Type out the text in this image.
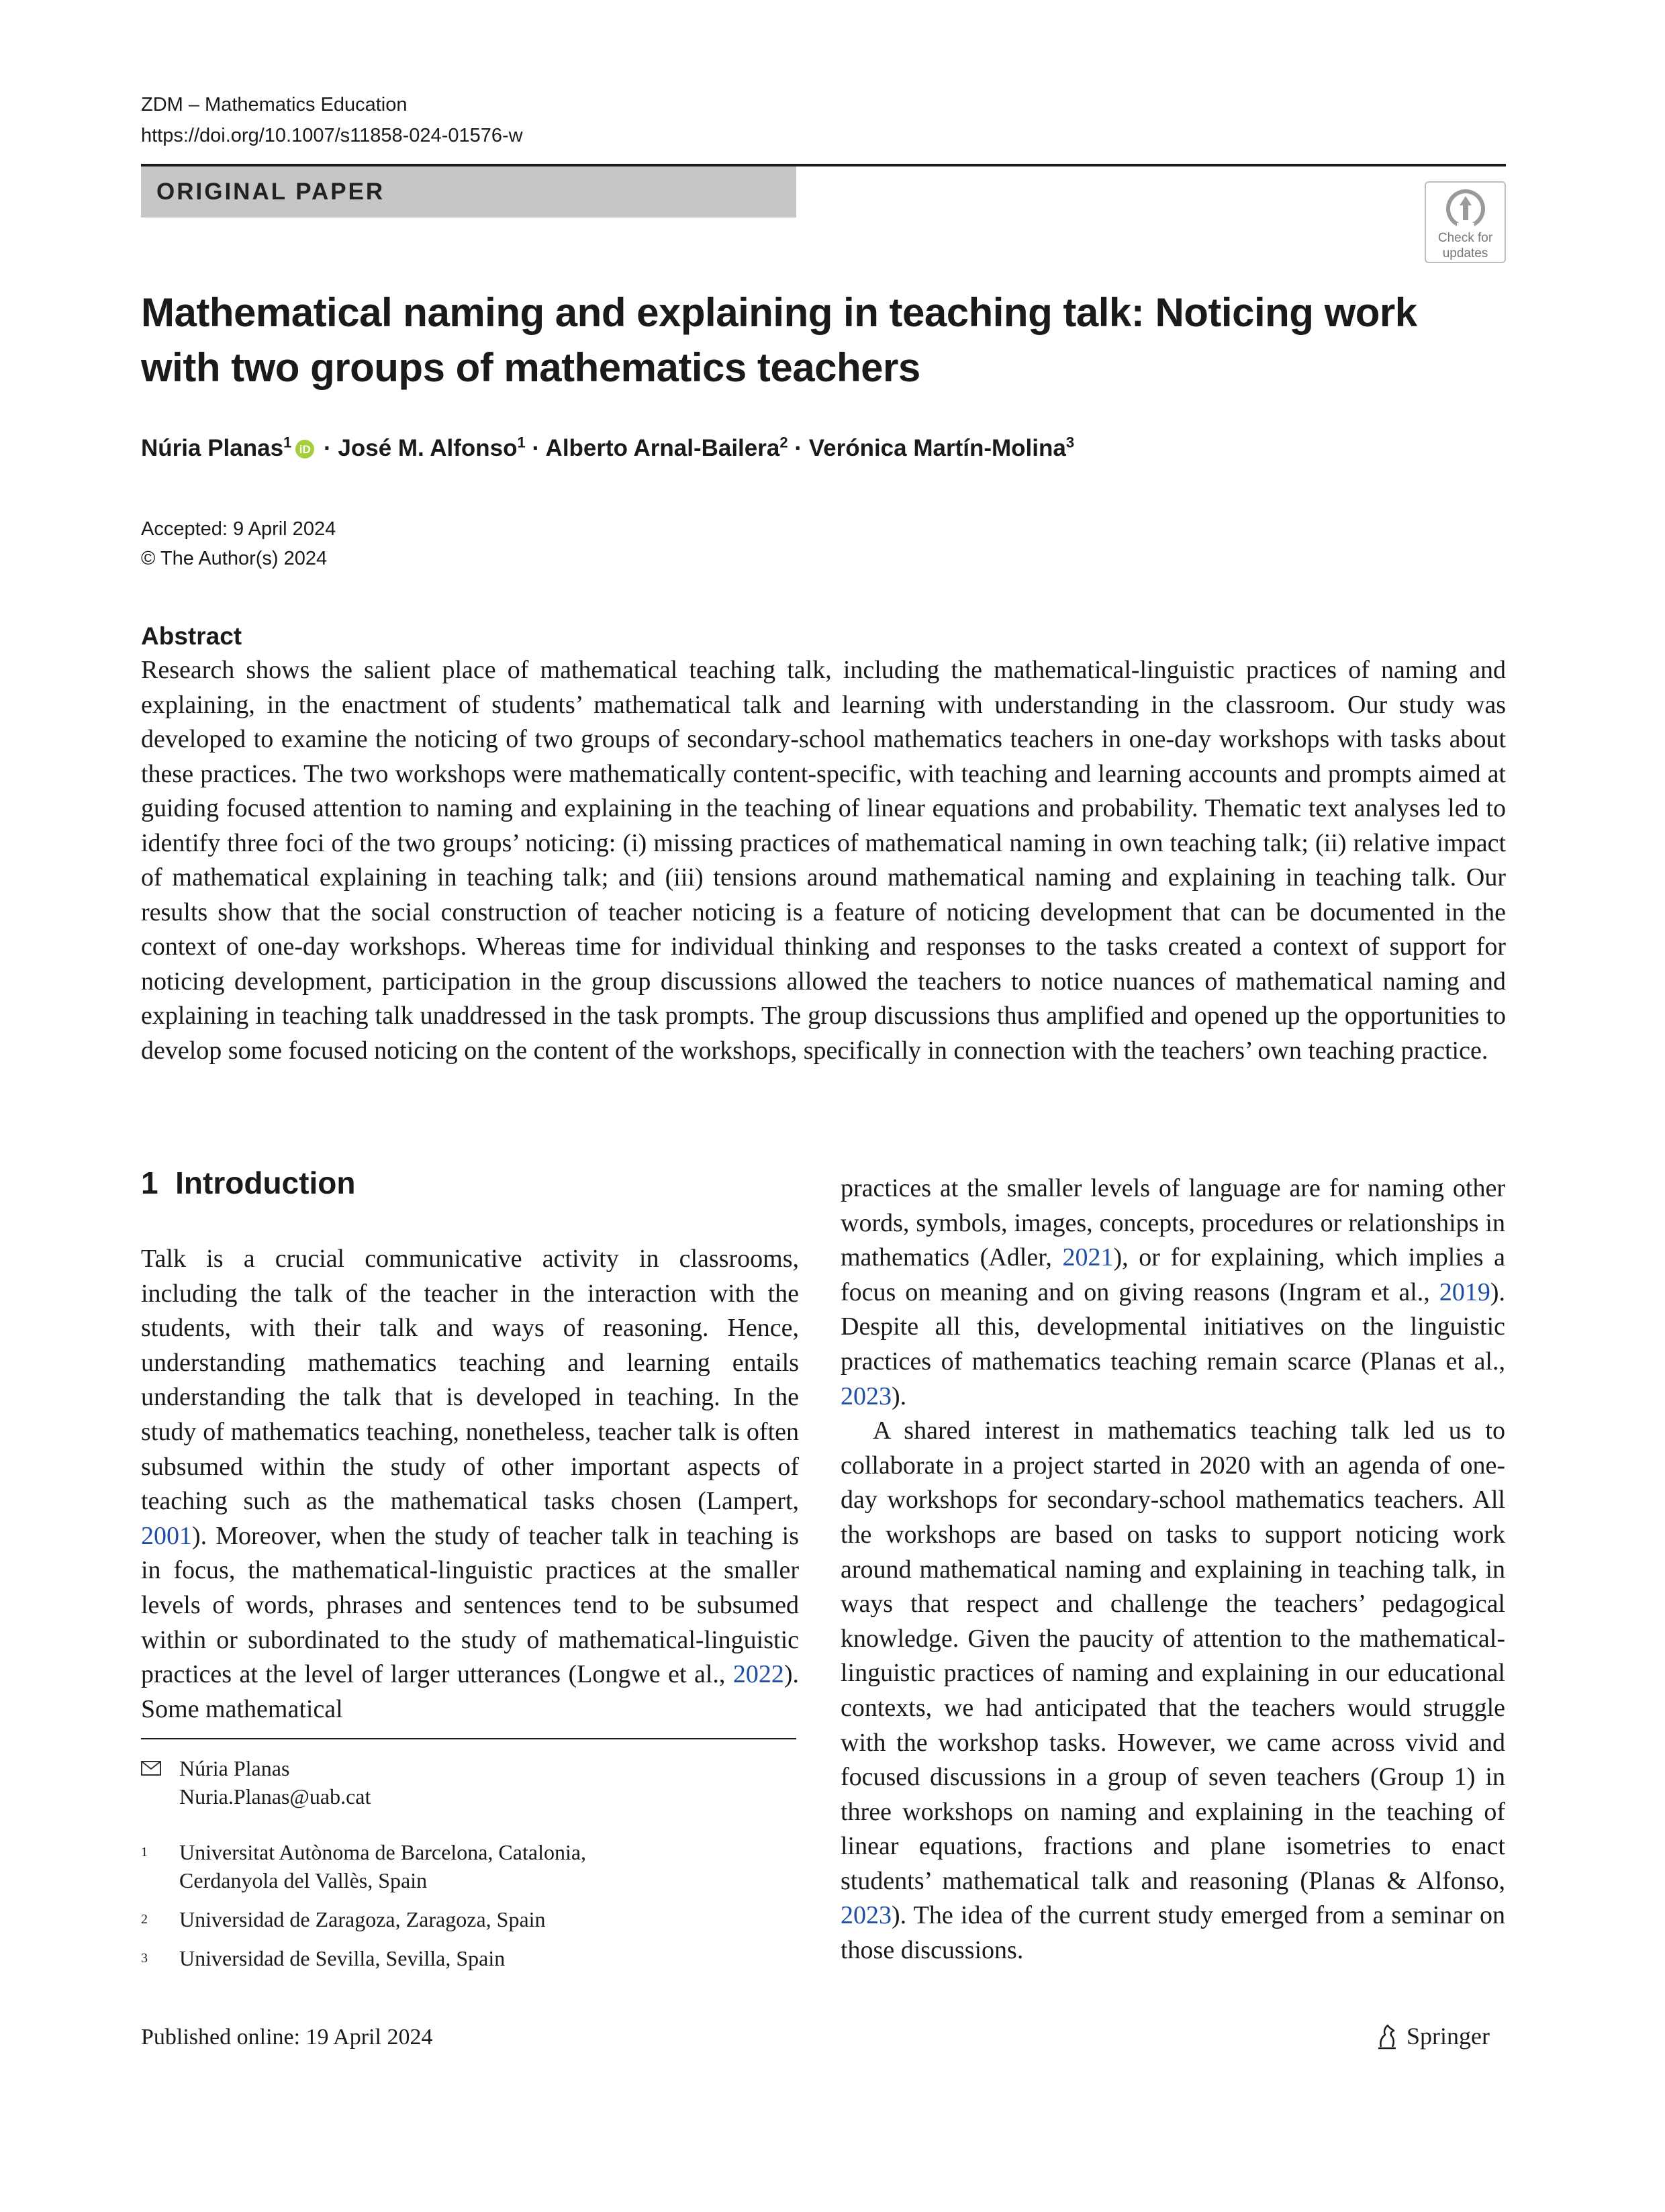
ZDM – Mathematics Education
https://doi.org/10.1007/s11858-024-01576-w
ORIGINAL PAPER
Check for
updates
Mathematical naming and explaining in teaching talk: Noticing work
with two groups of mathematics teachers
Núria Planas$^1$ iD · José M. Alfonso$^1$ · Alberto Arnal-Bailera$^2$ · Verónica Martín-Molina$^3$
Accepted: 9 April 2024
© The Author(s) 2024
Abstract
Research shows the salient place of mathematical teaching talk, including the mathematical-linguistic practices of naming and explaining, in the enactment of students’ mathematical talk and learning with understanding in the classroom. Our study was developed to examine the noticing of two groups of secondary-school mathematics teachers in one-day workshops with tasks about these practices. The two workshops were mathematically content-specific, with teaching and learning accounts and prompts aimed at guiding focused attention to naming and explaining in the teaching of linear equations and probability. Thematic text analyses led to identify three foci of the two groups’ noticing: (i) missing practices of mathematical naming in own teaching talk; (ii) relative impact of mathematical explaining in teaching talk; and (iii) tensions around mathematical naming and explaining in teaching talk. Our results show that the social construction of teacher noticing is a feature of noticing development that can be documented in the context of one-day workshops. Whereas time for individual thinking and responses to the tasks created a context of support for noticing development, participation in the group discussions allowed the teachers to notice nuances of mathematical naming and explaining in teaching talk unaddressed in the task prompts. The group discussions thus amplified and opened up the opportunities to develop some focused noticing on the content of the workshops, specifically in connection with the teachers’ own teaching practice.
1 Introduction

Talk is a crucial communicative activity in classrooms, including the talk of the teacher in the interaction with the students, with their talk and ways of reasoning. Hence, understanding mathematics teaching and learning entails understanding the talk that is developed in teaching. In the study of mathematics teaching, nonetheless, teacher talk is often subsumed within the study of other important aspects of teaching such as the mathematical tasks chosen (Lampert, 2001). Moreover, when the study of teacher talk in teaching is in focus, the mathematical-linguistic practices at the smaller levels of words, phrases and sentences tend to be subsumed within or subordinated to the study of mathematical-linguistic practices at the level of larger utterances (Longwe et al., 2022). Some mathematical

practices at the smaller levels of language are for naming other words, symbols, images, concepts, procedures or relationships in mathematics (Adler, 2021), or for explaining, which implies a focus on meaning and on giving reasons (Ingram et al., 2019). Despite all this, developmental initiatives on the linguistic practices of mathematics teaching remain scarce (Planas et al., 2023).

A shared interest in mathematics teaching talk led us to collaborate in a project started in 2020 with an agenda of one-day workshops for secondary-school mathematics teachers. All the workshops are based on tasks to support noticing work around mathematical naming and explaining in teaching talk, in ways that respect and challenge the teachers’ pedagogical knowledge. Given the paucity of attention to the mathematical-linguistic practices of naming and explaining in our educational contexts, we had anticipated that the teachers would struggle with the workshop tasks. However, we came across vivid and focused discussions in a group of seven teachers (Group 1) in three workshops on naming and explaining in the teaching of linear equations, fractions and plane isometries to enact students’ mathematical talk and reasoning (Planas & Alfonso, 2023). The idea of the current study emerged from a seminar on those discussions.

Núria Planas
Nuria.Planas@uab.cat
1 Universitat Autònoma de Barcelona, Catalonia,
Cerdanyola del Vallès, Spain
2 Universidad de Zaragoza, Zaragoza, Spain
3 Universidad de Sevilla, Sevilla, Spain
Published online: 19 April 2024	Springer
